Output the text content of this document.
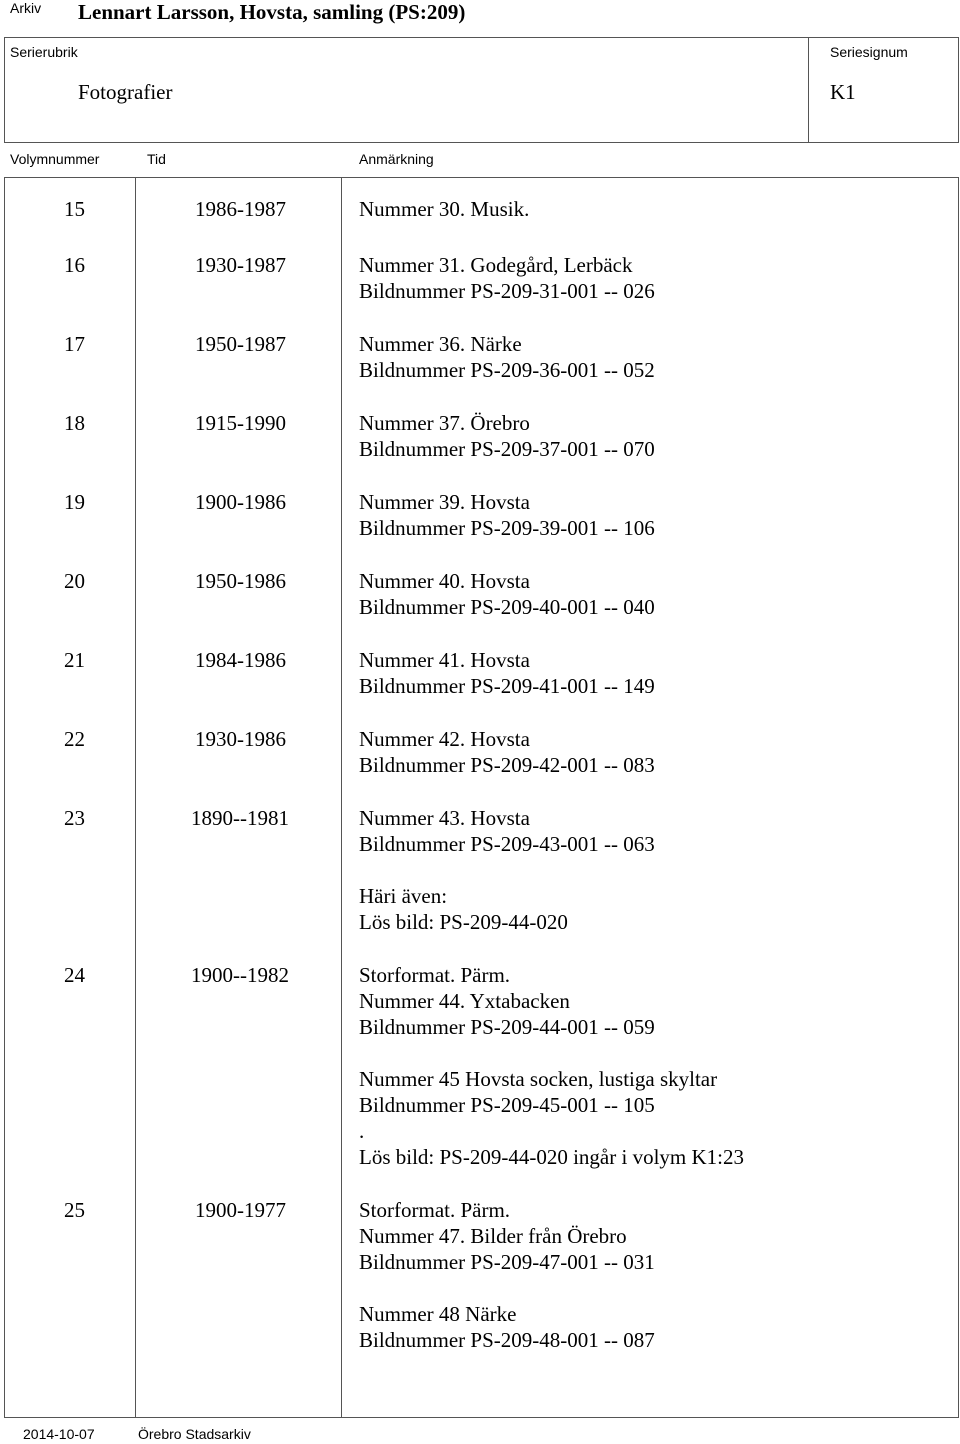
Arkiv Lennart Larsson, Hovsta, samling (PS:209)
Serierubrik
Fotografier
Seriesignum
K1
Volymnummer	Tid	Anmärkning
15	1986-1987	Nummer 30. Musik.
16	1930-1987	Nummer 31. Godegård, Lerbäck
Bildnummer PS-209-31-001 -- 026
17	1950-1987	Nummer 36. Närke
Bildnummer PS-209-36-001 -- 052
18	1915-1990	Nummer 37. Örebro
Bildnummer PS-209-37-001 -- 070
19	1900-1986	Nummer 39. Hovsta
Bildnummer PS-209-39-001 -- 106
20	1950-1986	Nummer 40. Hovsta
Bildnummer PS-209-40-001 -- 040
21	1984-1986	Nummer 41. Hovsta
Bildnummer PS-209-41-001 -- 149
22	1930-1986	Nummer 42. Hovsta
Bildnummer PS-209-42-001 -- 083
23	1890--1981	Nummer 43. Hovsta
Bildnummer PS-209-43-001 -- 063
Häri även:
Lös bild: PS-209-44-020
24	1900--1982	Storformat. Pärm.
Nummer 44. Yxtabacken
Bildnummer PS-209-44-001 -- 059
Nummer 45 Hovsta socken, lustiga skyltar
Bildnummer PS-209-45-001 -- 105
.
Lös bild: PS-209-44-020 ingår i volym K1:23
25	1900-1977	Storformat. Pärm.
Nummer 47. Bilder från Örebro
Bildnummer PS-209-47-001 -- 031
Nummer 48 Närke
Bildnummer PS-209-48-001 -- 087
2014-10-07	Örebro Stadsarkiv
